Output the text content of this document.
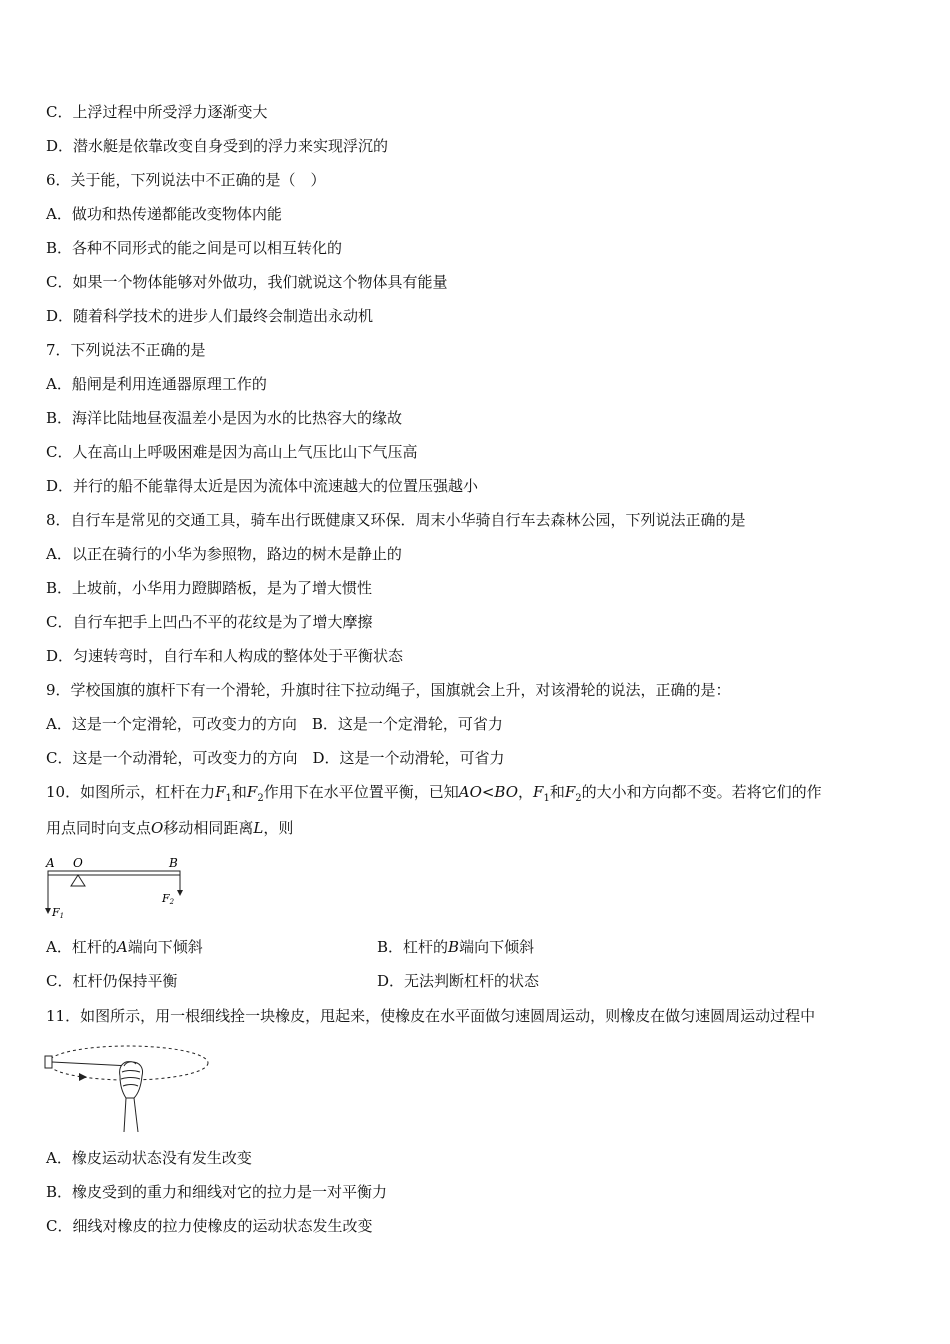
C．上浮过程中所受浮力逐渐变大
D．潜水艇是依靠改变自身受到的浮力来实现浮沉的
6．关于能，下列说法中不正确的是（　）
A．做功和热传递都能改变物体内能
B．各种不同形式的能之间是可以相互转化的
C．如果一个物体能够对外做功，我们就说这个物体具有能量
D．随着科学技术的进步人们最终会制造出永动机
7．下列说法不正确的是
A．船闸是利用连通器原理工作的
B．海洋比陆地昼夜温差小是因为水的比热容大的缘故
C．人在高山上呼吸困难是因为高山上气压比山下气压高
D．并行的船不能靠得太近是因为流体中流速越大的位置压强越小
8．自行车是常见的交通工具，骑车出行既健康又环保．周末小华骑自行车去森林公园，下列说法正确的是
A．以正在骑行的小华为参照物，路边的树木是静止的
B．上坡前，小华用力蹬脚踏板，是为了增大惯性
C．自行车把手上凹凸不平的花纹是为了增大摩擦
D．匀速转弯时，自行车和人构成的整体处于平衡状态
9．学校国旗的旗杆下有一个滑轮，升旗时往下拉动绳子，国旗就会上升，对该滑轮的说法，正确的是：
A．这是一个定滑轮，可改变力的方向　B．这是一个定滑轮，可省力
C．这是一个动滑轮，可改变力的方向　D．这是一个动滑轮，可省力
10．如图所示，杠杆在力$F_1$和$F_2$作用下在水平位置平衡，已知AO<BO，$F_1$和$F_2$的大小和方向都不变。若将它们的作
用点同时向支点O移动相同距离L，则
A O	B
F1
F2
A．杠杆的A端向下倾斜	B．杠杆的B端向下倾斜
C．杠杆仍保持平衡	D．无法判断杠杆的状态
11．如图所示，用一根细线拴一块橡皮，甩起来，使橡皮在水平面做匀速圆周运动，则橡皮在做匀速圆周运动过程中
A．橡皮运动状态没有发生改变
B．橡皮受到的重力和细线对它的拉力是一对平衡力
C．细线对橡皮的拉力使橡皮的运动状态发生改变
